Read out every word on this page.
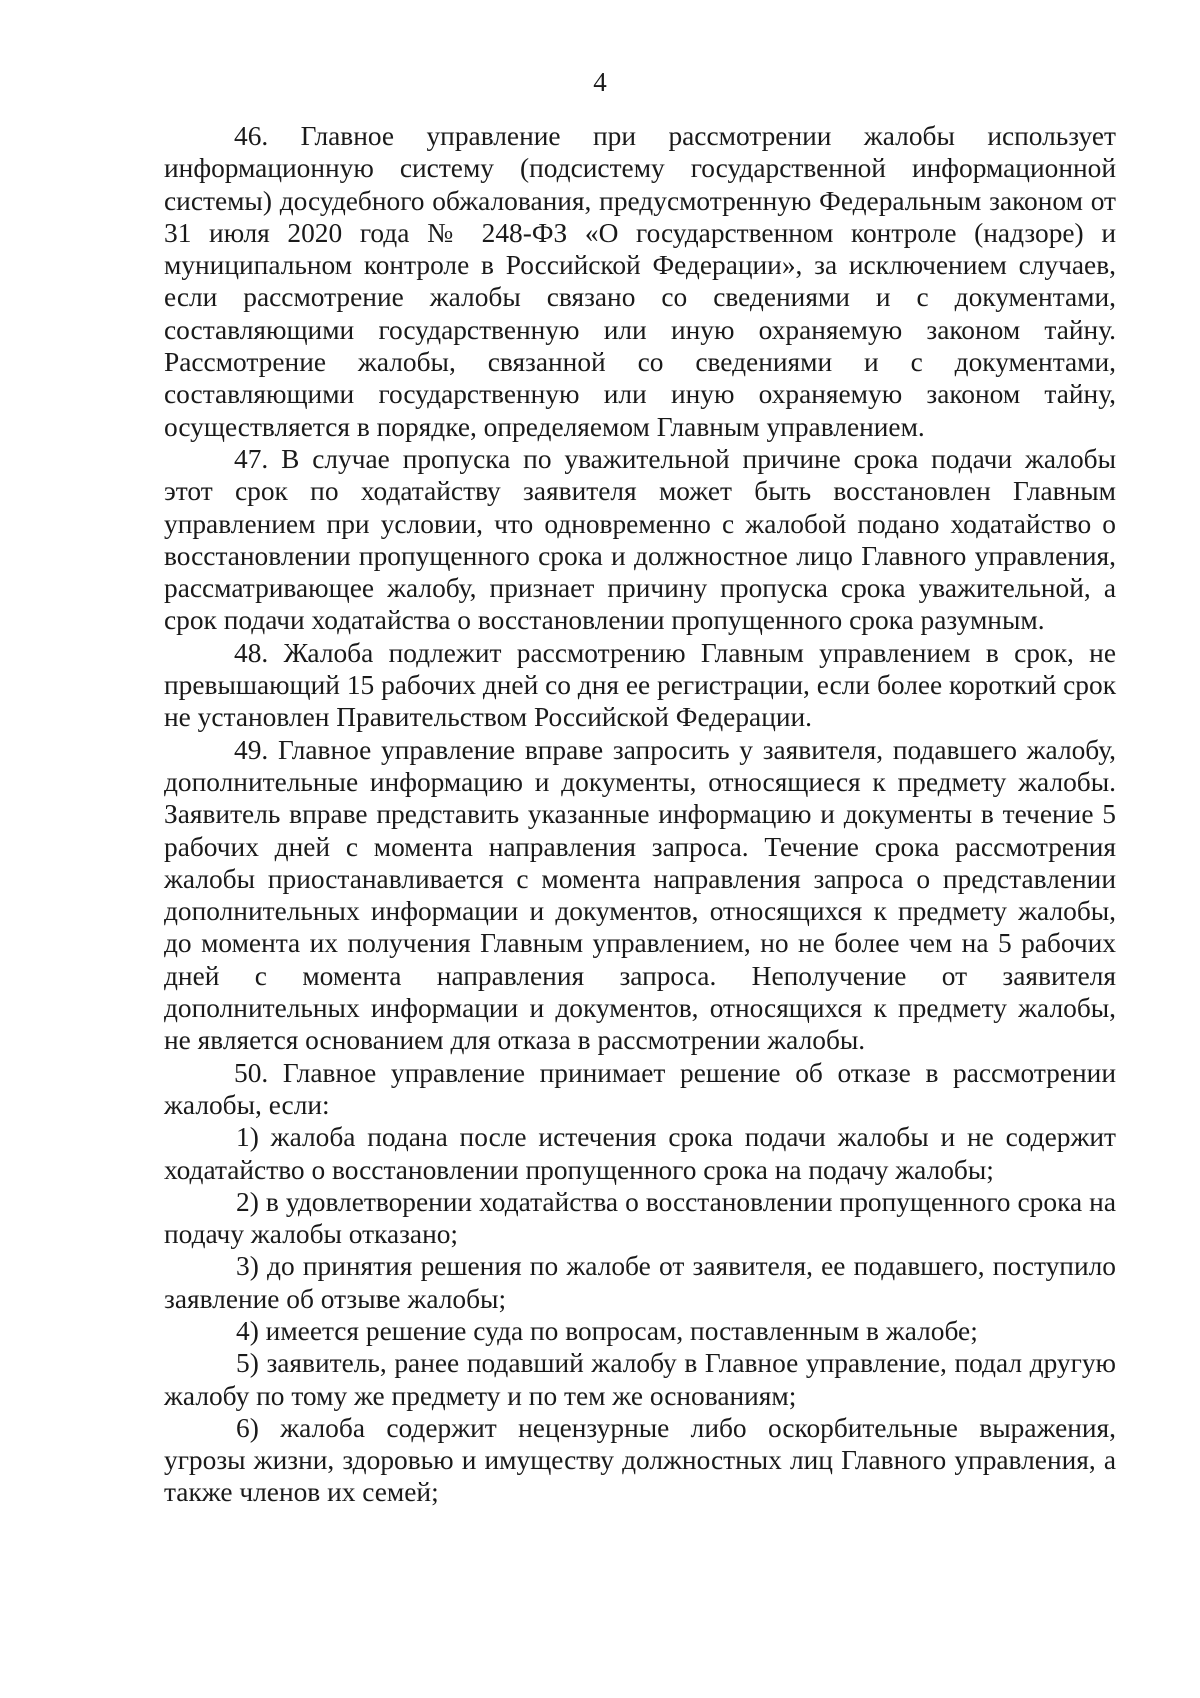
4

46. Главное управление при рассмотрении жалобы использует информационную систему (подсистему государственной информационной системы) досудебного обжалования, предусмотренную Федеральным законом от 31 июля 2020 года № 248-ФЗ «О государственном контроле (надзоре) и муниципальном контроле в Российской Федерации», за исключением случаев, если рассмотрение жалобы связано со сведениями и с документами, составляющими государственную или иную охраняемую законом тайну. Рассмотрение жалобы, связанной со сведениями и с документами, составляющими государственную или иную охраняемую законом тайну, осуществляется в порядке, определяемом Главным управлением.

47. В случае пропуска по уважительной причине срока подачи жалобы этот срок по ходатайству заявителя может быть восстановлен Главным управлением при условии, что одновременно с жалобой подано ходатайство о восстановлении пропущенного срока и должностное лицо Главного управления, рассматривающее жалобу, признает причину пропуска срока уважительной, а срок подачи ходатайства о восстановлении пропущенного срока разумным.

48. Жалоба подлежит рассмотрению Главным управлением в срок, не превышающий 15 рабочих дней со дня ее регистрации, если более короткий срок не установлен Правительством Российской Федерации.

49. Главное управление вправе запросить у заявителя, подавшего жалобу, дополнительные информацию и документы, относящиеся к предмету жалобы. Заявитель вправе представить указанные информацию и документы в течение 5 рабочих дней с момента направления запроса. Течение срока рассмотрения жалобы приостанавливается с момента направления запроса о представлении дополнительных информации и документов, относящихся к предмету жалобы, до момента их получения Главным управлением, но не более чем на 5 рабочих дней с момента направления запроса. Неполучение от заявителя дополнительных информации и документов, относящихся к предмету жалобы, не является основанием для отказа в рассмотрении жалобы.

50. Главное управление принимает решение об отказе в рассмотрении жалобы, если:

1) жалоба подана после истечения срока подачи жалобы и не содержит ходатайство о восстановлении пропущенного срока на подачу жалобы;

2) в удовлетворении ходатайства о восстановлении пропущенного срока на подачу жалобы отказано;

3) до принятия решения по жалобе от заявителя, ее подавшего, поступило заявление об отзыве жалобы;

4) имеется решение суда по вопросам, поставленным в жалобе;

5) заявитель, ранее подавший жалобу в Главное управление, подал другую жалобу по тому же предмету и по тем же основаниям;

6) жалоба содержит нецензурные либо оскорбительные выражения, угрозы жизни, здоровью и имуществу должностных лиц Главного управления, а также членов их семей;
